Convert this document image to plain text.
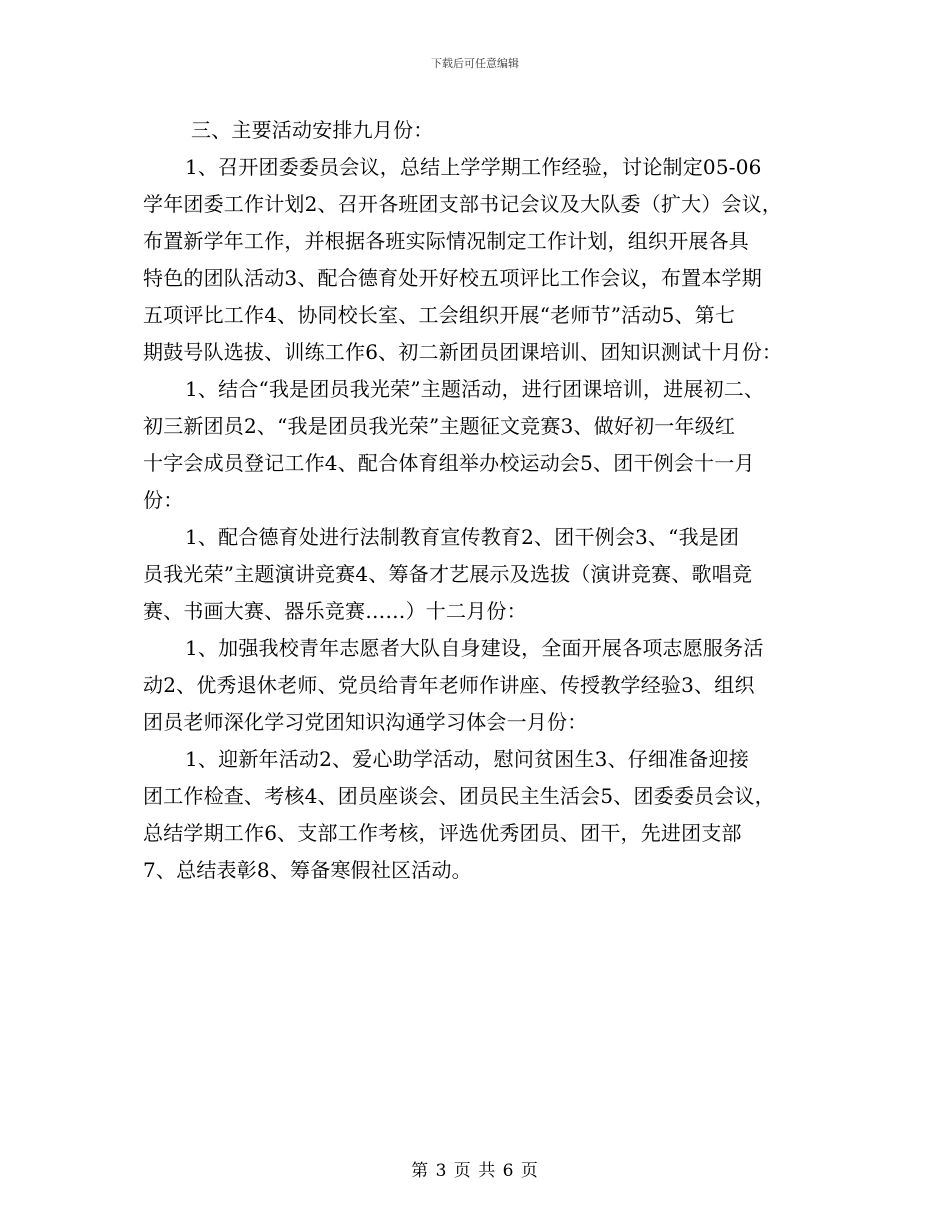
下载后可任意编辑
三、主要活动安排九月份：
1、召开团委委员会议，总结上学学期工作经验，讨论制定05-06
学年团委工作计划2、召开各班团支部书记会议及大队委（扩大）会议，
布置新学年工作，并根据各班实际情况制定工作计划，组织开展各具
特色的团队活动3、配合德育处开好校五项评比工作会议，布置本学期
五项评比工作4、协同校长室、工会组织开展“老师节”活动5、第七
期鼓号队选拔、训练工作6、初二新团员团课培训、团知识测试十月份：
1、结合“我是团员我光荣”主题活动，进行团课培训，进展初二、
初三新团员2、“我是团员我光荣”主题征文竞赛3、做好初一年级红
十字会成员登记工作4、配合体育组举办校运动会5、团干例会十一月
份：
1、配合德育处进行法制教育宣传教育2、团干例会3、“我是团
员我光荣”主题演讲竞赛4、筹备才艺展示及选拔（演讲竞赛、歌唱竞
赛、书画大赛、器乐竞赛……）十二月份：
1、加强我校青年志愿者大队自身建设，全面开展各项志愿服务活
动2、优秀退休老师、党员给青年老师作讲座、传授教学经验3、组织
团员老师深化学习党团知识沟通学习体会一月份：
1、迎新年活动2、爱心助学活动，慰问贫困生3、仔细准备迎接
团工作检查、考核4、团员座谈会、团员民主生活会5、团委委员会议，
总结学期工作6、支部工作考核，评选优秀团员、团干，先进团支部
7、总结表彰8、筹备寒假社区活动。
第 3 页 共 6 页
